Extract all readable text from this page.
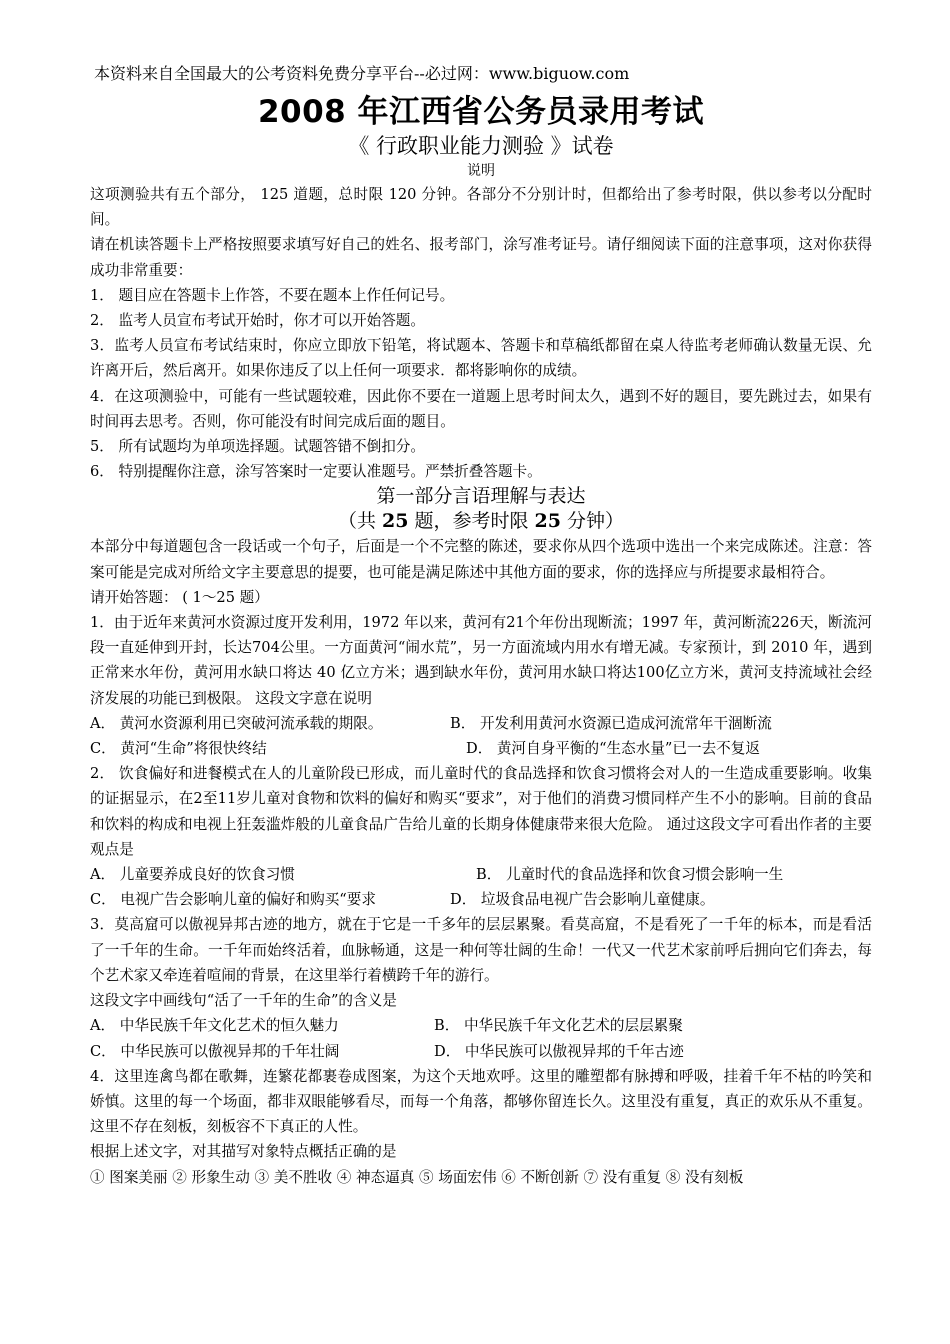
本资料来自全国最大的公考资料免费分享平台--必过网：www.biguow.com
2008 年江西省公务员录用考试
《 行政职业能力测验 》试卷
说明

这项测验共有五个部分， 125 道题，总时限 120 分钟。各部分不分别计时，但都给出了参考时限，供以参考以分配时间。

请在机读答题卡上严格按照要求填写好自己的姓名、报考部门，涂写准考证号。请仔细阅读下面的注意事项，这对你获得成功非常重要：

1． 题目应在答题卡上作答，不要在题本上作任何记号。

2． 监考人员宣布考试开始时，你才可以开始答题。

3．监考人员宣布考试结束时，你应立即放下铅笔，将试题本、答题卡和草稿纸都留在桌人待监考老师确认数量无误、允许离开后，然后离开。如果你违反了以上任何一项要求．都将影响你的成绩。

4．在这项测验中，可能有一些试题较难，因此你不要在一道题上思考时间太久，遇到不好的题目，要先跳过去，如果有时间再去思考。否则，你可能没有时间完成后面的题目。

5． 所有试题均为单项选择题。试题答错不倒扣分。

6． 特别提醒你注意，涂写答案时一定要认准题号。严禁折叠答题卡。

第一部分言语理解与表达
（共 25 题，参考时限 25 分钟）

本部分中每道题包含一段话或一个句子，后面是一个不完整的陈述，要求你从四个选项中选出一个来完成陈述。注意：答案可能是完成对所给文字主要意思的提要，也可能是满足陈述中其他方面的要求，你的选择应与所提要求最相符合。

请开始答题： ( 1～25 题）

1．由于近年来黄河水资源过度开发利用，1972 年以来，黄河有21个年份出现断流；1997 年，黄河断流226天，断流河段一直延伸到开封，长达704公里。一方面黄河“闹水荒”，另一方面流域内用水有增无减。专家预计，到 2010 年，遇到正常来水年份，黄河用水缺口将达 40 亿立方米；遇到缺水年份，黄河用水缺口将达100亿立方米，黄河支持流域社会经济发展的功能已到极限。 这段文字意在说明

A． 黄河水资源利用已突破河流承载的期限。	B． 开发利用黄河水资源已造成河流常年干涸断流
C． 黄河“生命”将很快终结	D． 黄河自身平衡的“生态水量”已一去不复返

2． 饮食偏好和进餐模式在人的儿童阶段已形成，而儿童时代的食品选择和饮食习惯将会对人的一生造成重要影响。收集的证据显示，在2至11岁儿童对食物和饮料的偏好和购买“要求”，对于他们的消费习惯同样产生不小的影响。目前的食品和饮料的构成和电视上狂轰滥炸般的儿童食品广告给儿童的长期身体健康带来很大危险。 通过这段文字可看出作者的主要观点是

A． 儿童要养成良好的饮食习惯	B． 儿童时代的食品选择和饮食习惯会影响一生
C． 电视广告会影响儿童的偏好和购买“要求	D． 垃圾食品电视广告会影响儿童健康。

3．莫高窟可以傲视异邦古迹的地方，就在于它是一千多年的层层累聚。看莫高窟，不是看死了一千年的标本，而是看活了一千年的生命。一千年而始终活着，血脉畅通，这是一种何等壮阔的生命！一代又一代艺术家前呼后拥向它们奔去，每个艺术家又牵连着喧闹的背景，在这里举行着横跨千年的游行。

这段文字中画线句“活了一千年的生命”的含义是

A． 中华民族千年文化艺术的恒久魅力	B． 中华民族千年文化艺术的层层累聚
C． 中华民族可以傲视异邦的千年壮阔	D． 中华民族可以傲视异邦的千年古迹

4．这里连禽鸟都在歌舞，连繁花都裹卷成图案，为这个天地欢呼。这里的雕塑都有脉搏和呼吸，挂着千年不枯的吟笑和娇慎。这里的每一个场面，都非双眼能够看尽，而每一个角落，都够你留连长久。这里没有重复，真正的欢乐从不重复。这里不存在刻板，刻板容不下真正的人性。

根据上述文字，对其描写对象特点概括正确的是

① 图案美丽 ② 形象生动 ③ 美不胜收 ④ 神态逼真 ⑤ 场面宏伟 ⑥ 不断创新 ⑦ 没有重复 ⑧ 没有刻板
